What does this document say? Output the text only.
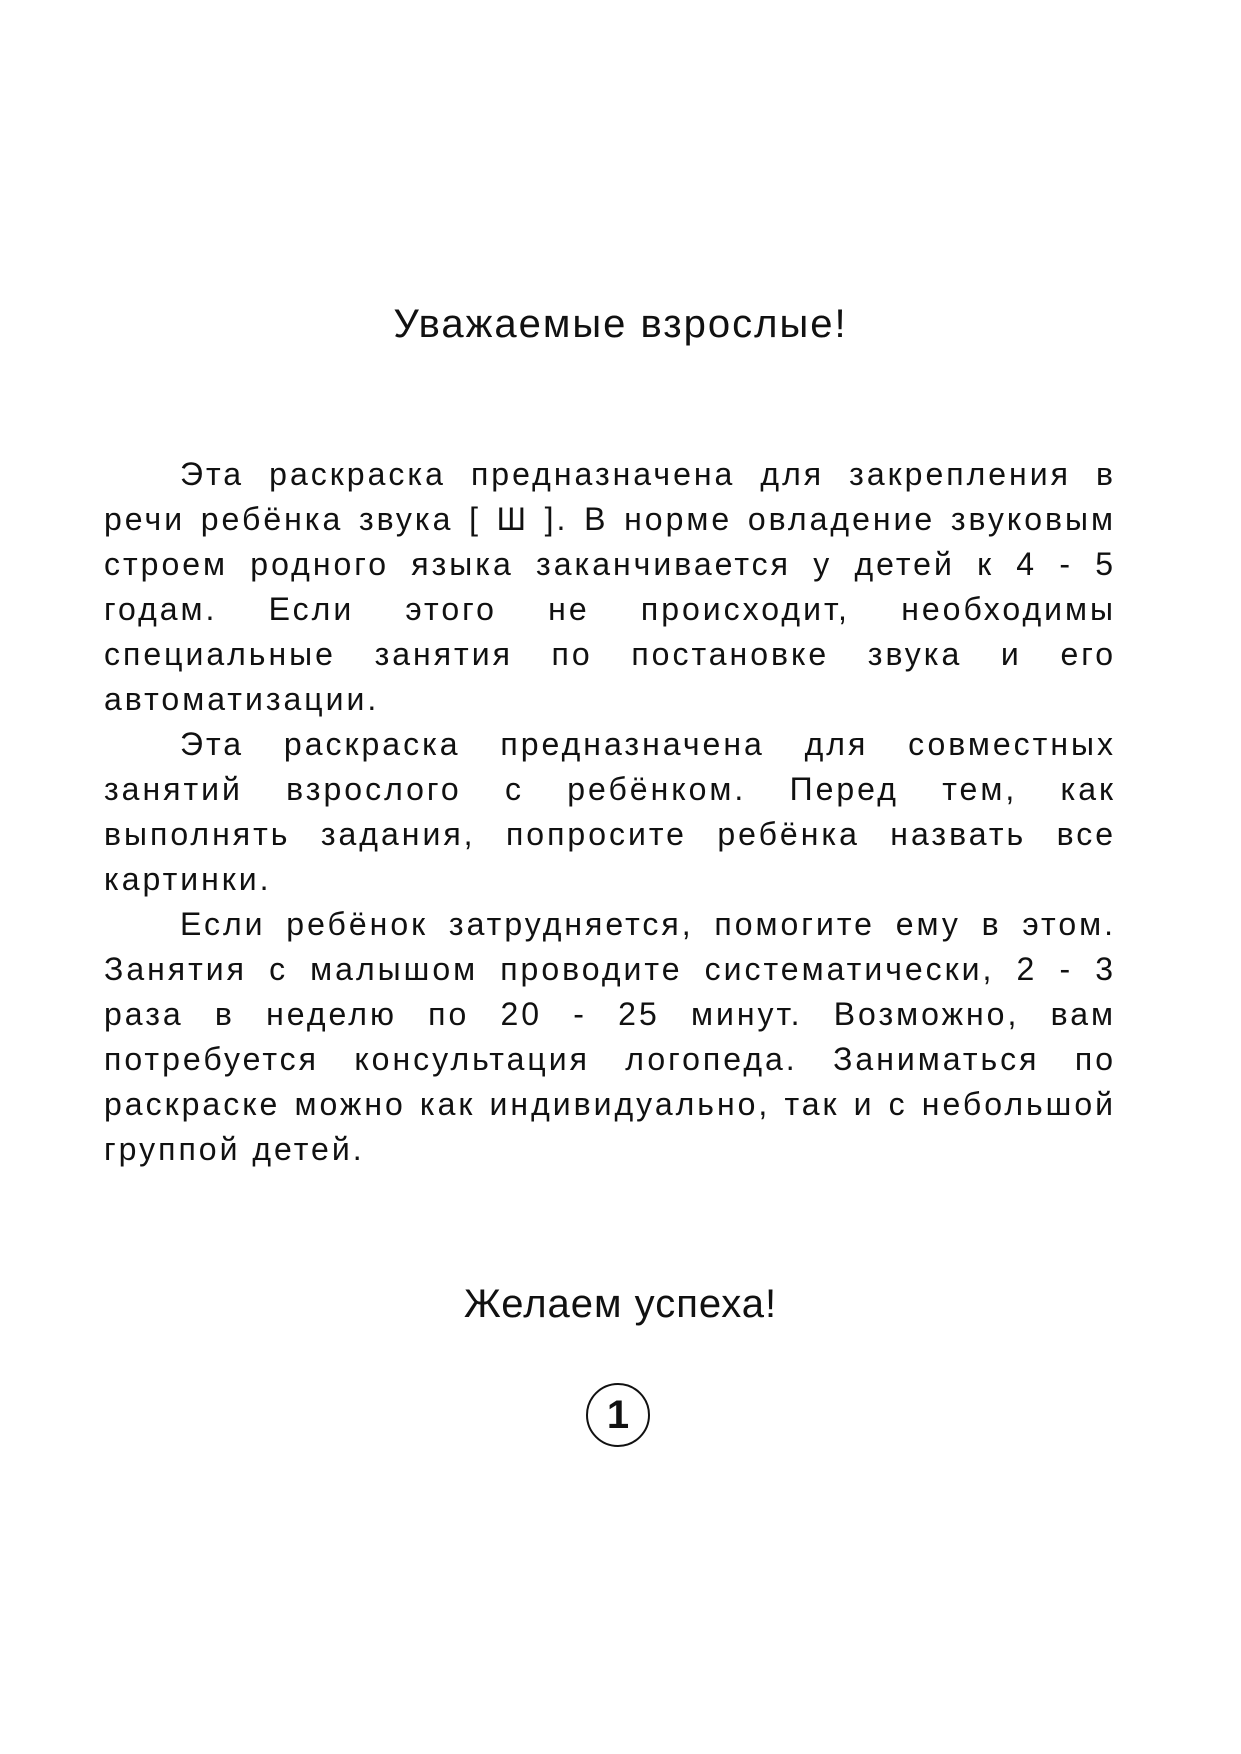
Уважаемые взрослые!

Эта раскраска предназначена для закрепления в речи ребёнка звука [ Ш ]. В норме овладение звуковым строем родного языка заканчивается у детей к 4 - 5 годам. Если этого не происходит, необходимы специальные занятия по постановке звука и его автоматизации.

Эта раскраска предназначена для совместных занятий взрослого с ребёнком. Перед тем, как выполнять задания, попросите ребёнка назвать все картинки.

Если ребёнок затрудняется, помогите ему в этом. Занятия с малышом проводите систематически, 2 - 3 раза в неделю по 20 - 25 минут. Возможно, вам потребуется консультация логопеда. Заниматься по раскраске можно как индивидуально, так и с небольшой группой детей.

Желаем успеха!
1
